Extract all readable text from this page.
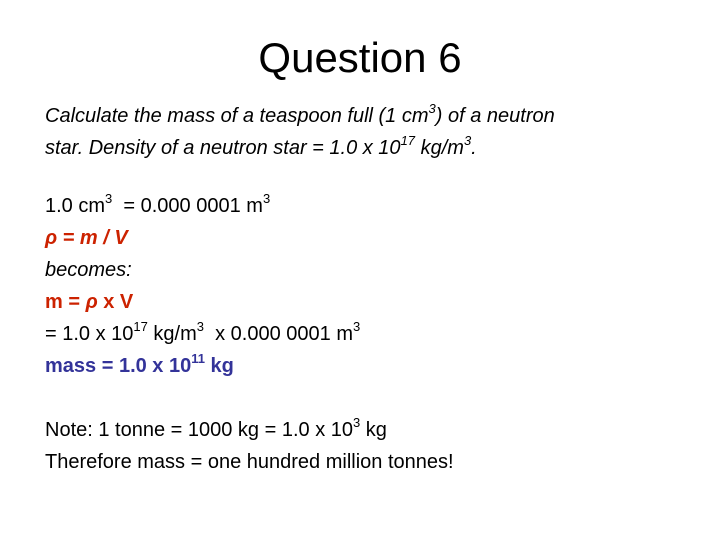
Question 6
Calculate the mass of a teaspoon full (1 $cm^3$) of a neutron
star. Density of a neutron star = 1.0 x $10^{17}$ $kg/m^3$.
1.0 $cm^3 = 0.000$ 0001 $m^3$
ρ = m / V
becomes:
m = ρ x V
= 1.0 x $10^{17}$ $kg/m^3$  x 0.000 0001 $m^3$
mass = 1.0 x $10^{11}$ kg
Note: 1 tonne = 1000 kg = 1.0 x $10^3$ kg
Therefore mass = one hundred million tonnes!
